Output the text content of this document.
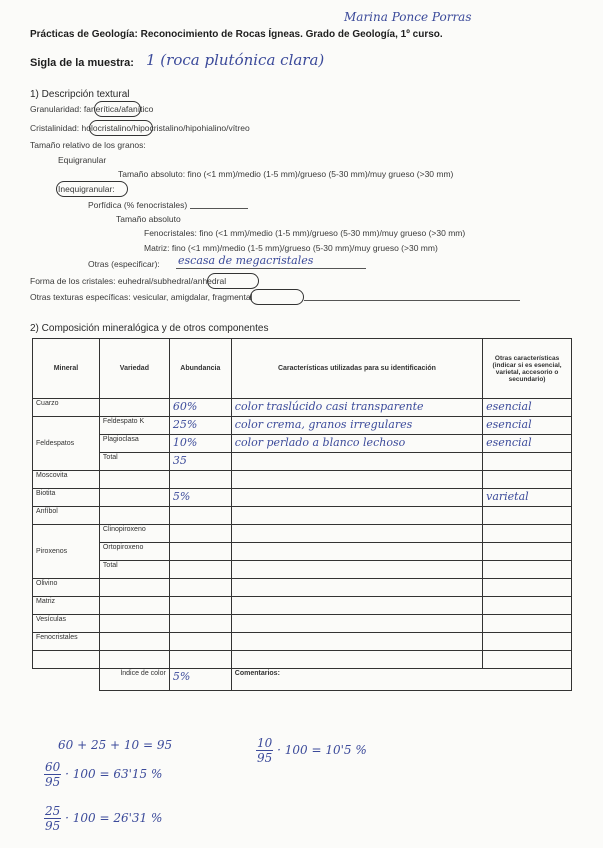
Marina Ponce Porras
Prácticas de Geología: Reconocimiento de Rocas Ígneas. Grado de Geología, 1º curso.
Sigla de la muestra: 1 (roca plutónica clara)
1) Descripción textural
Granularidad: fanerítica/afanítico
Cristalinidad: holocristalino/hipocristalino/hipohialino/vítreo
Tamaño relativo de los granos:
Equigranular
Tamaño absoluto: fino (<1 mm)/medio (1-5 mm)/grueso (5-30 mm)/muy grueso (>30 mm)
Inequigranular:
Porfídica (% fenocristales)
Tamaño absoluto
Fenocristales: fino (<1 mm)/medio (1-5 mm)/grueso (5-30 mm)/muy grueso (>30 mm)
Matriz: fino (<1 mm)/medio (1-5 mm)/grueso (5-30 mm)/muy grueso (>30 mm)
Otras (especificar): escasa de megacristales
Forma de los cristales: euhedral/subhedral/anhedral
Otras texturas específicas: vesicular, amigdalar, fragmental
2) Composición mineralógica y de otros componentes
Mineral	Variedad	Abundancia	Características utilizadas para su identificación	Otras características (indicar si es esencial, varietal, accesorio o secundario)
Cuarzo		60%	color traslúcido casi transparente	esencial
Feldespatos	Feldespato K	25%	color crema, granos irregulares	esencial
	Plagioclasa	10%	color perlado a blanco lechoso	esencial
	Total	35		
Moscovita				
Biotita		5%		varietal
Anfíbol				
Piroxenos	Clinopiroxeno			
	Ortopiroxeno			
	Total			
Olivino				
Matriz				
Vesículas				
Fenocristales				

	Índice de color	5%	Comentarios:	
60 + 25 + 10 = 95
$\frac{60}{95} \cdot 100 = 63'15$ %
$\frac{10}{95} \cdot 100 = 10'5$ %
$\frac{25}{95} \cdot 100 = 26'31$ %
